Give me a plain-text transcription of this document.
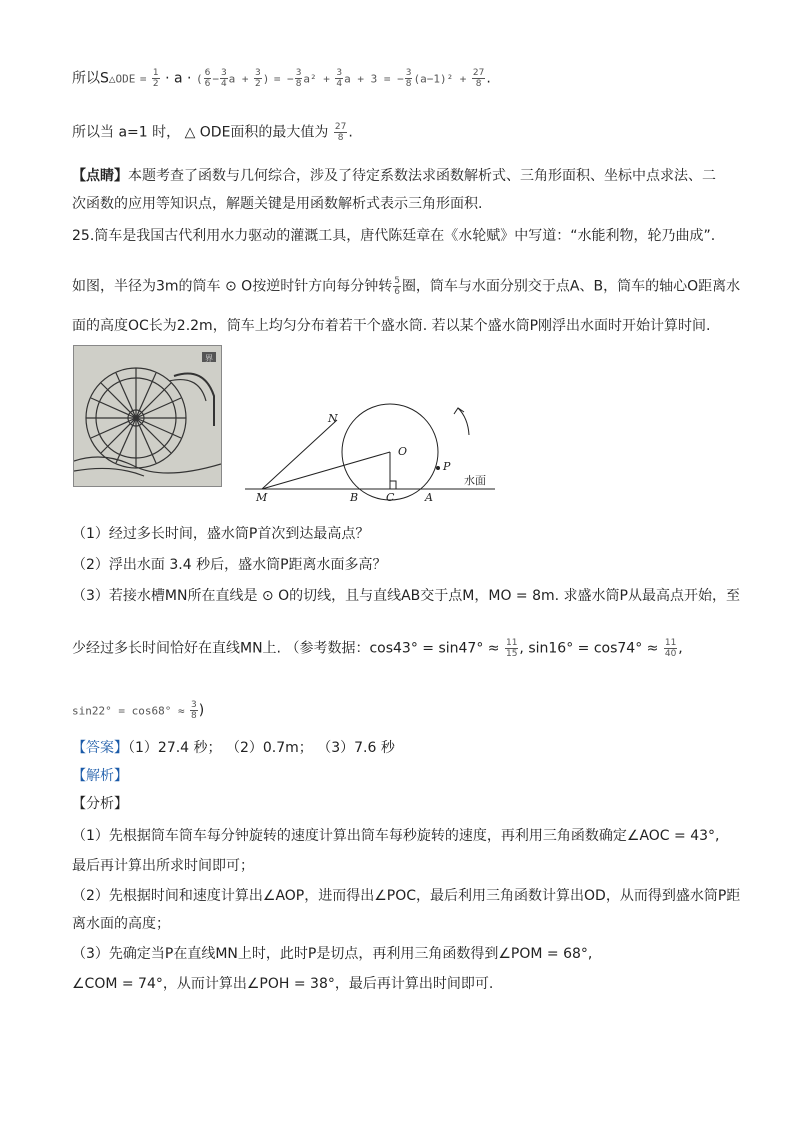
所以S△ODE = $\frac{1}{2} \cdot a$ · ( $\frac{6}{6} - \frac{3}{4}$ $a + \frac{3}{2}$ ) = − $\frac{3}{8} a^2 + \frac{3}{4}$ a + 3 = − $\frac{3}{8} (a-1)^2 + \frac{27}{8}$ .
所以当 a=1 时， △ ODE面积的最大值为 $\frac{27}{8}$ .
【点睛】本题考查了函数与几何综合，涉及了待定系数法求函数解析式、三角形面积、坐标中点求法、二
次函数的应用等知识点，解题关键是用函数解析式表示三角形面积.
25.筒车是我国古代利用水力驱动的灌溉工具，唐代陈廷章在《水轮赋》中写道：“水能利物，轮乃曲成”.
如图，半径为3m的筒车 ⊙ O按逆时针方向每分钟转 $\frac{5}{6}$ 圈，筒车与水面分别交于点A、B，筒车的轴心O距离水
面的高度OC长为2.2m，筒车上均匀分布着若干个盛水筒. 若以某个盛水筒P刚浮出水面时开始计算时间.
界
N
O
P
M	B	C	A
水面
（1）经过多长时间，盛水筒P首次到达最高点？
（2）浮出水面 3.4 秒后，盛水筒P距离水面多高？
（3）若接水槽MN所在直线是 ⊙ O的切线，且与直线AB交于点M，MO = 8m. 求盛水筒P从最高点开始，至
少经过多长时间恰好在直线MN上. （参考数据：$\cos 43^\circ = \sin 47^\circ \approx \frac{11}{15}$ , $\sin 16^\circ = \cos 74^\circ \approx \frac{11}{40}$ ,
$\sin 22^\circ = \cos 68^\circ \approx \frac{3}{8}$ )
【答案】（1）27.4 秒； （2）0.7m； （3）7.6 秒
【解析】
【分析】
（1）先根据筒车筒车每分钟旋转的速度计算出筒车每秒旋转的速度，再利用三角函数确定∠AOC = 43°,
最后再计算出所求时间即可；
（2）先根据时间和速度计算出∠AOP，进而得出∠POC，最后利用三角函数计算出OD，从而得到盛水筒P距
离水面的高度；
（3）先确定当P在直线MN上时，此时P是切点，再利用三角函数得到∠POM = 68°,
∠COM = 74°，从而计算出∠POH = 38°，最后再计算出时间即可.
